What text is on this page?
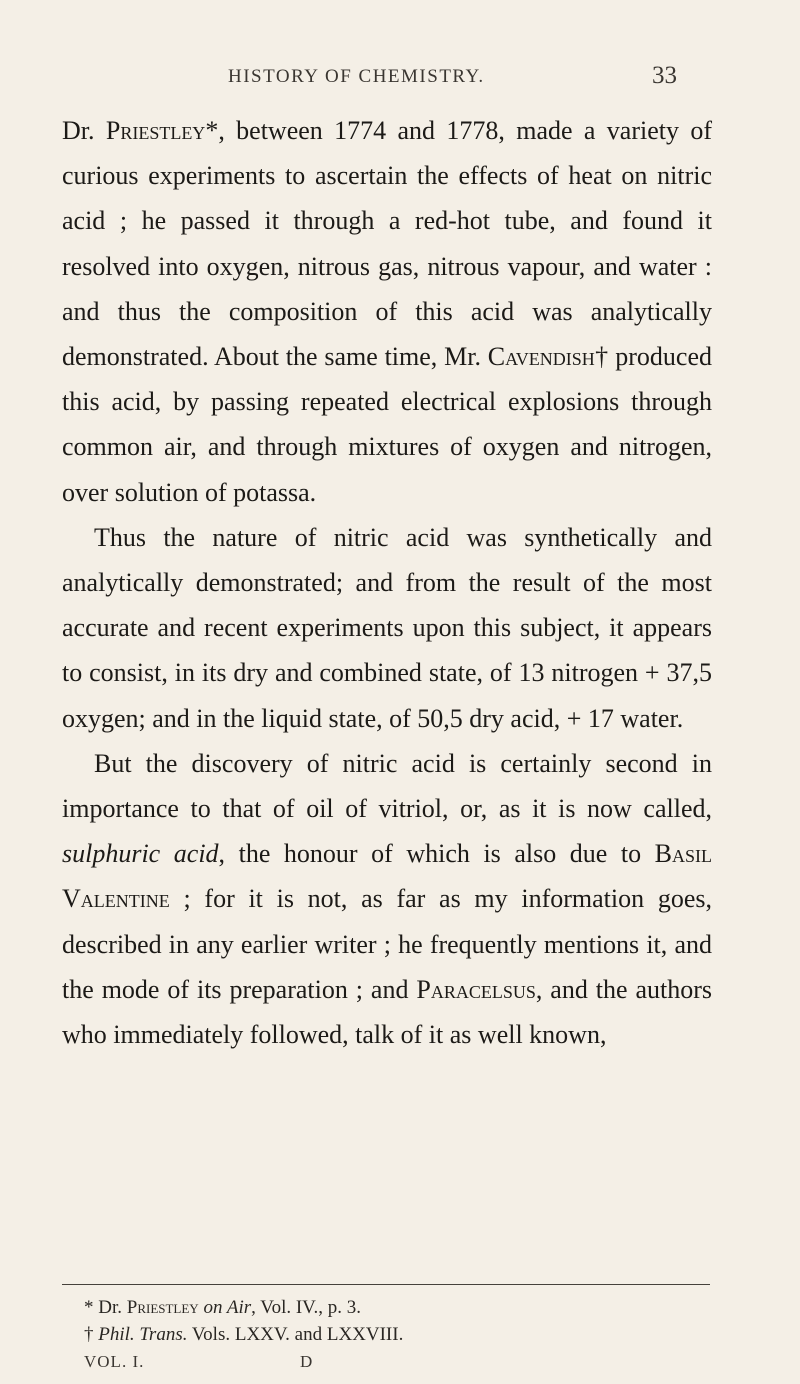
HISTORY OF CHEMISTRY.	33

Dr. Priestley*, between 1774 and 1778, made a variety of curious experiments to ascertain the effects of heat on nitric acid ; he passed it through a red-hot tube, and found it resolved into oxygen, nitrous gas, nitrous vapour, and water : and thus the composition of this acid was analytically demonstrated. About the same time, Mr. Cavendish† produced this acid, by passing repeated electrical explosions through common air, and through mixtures of oxygen and nitrogen, over solution of potassa.

Thus the nature of nitric acid was synthetically and analytically demonstrated; and from the result of the most accurate and recent experiments upon this subject, it appears to consist, in its dry and combined state, of 13 nitrogen + 37,5 oxygen; and in the liquid state, of 50,5 dry acid, + 17 water.

But the discovery of nitric acid is certainly second in importance to that of oil of vitriol, or, as it is now called, sulphuric acid, the honour of which is also due to Basil Valentine ; for it is not, as far as my information goes, described in any earlier writer ; he frequently mentions it, and the mode of its preparation ; and Paracelsus, and the authors who immediately followed, talk of it as well known,

* Dr. Priestley on Air, Vol. IV., p. 3.

† Phil. Trans. Vols. LXXV. and LXXVIII.

VOL. I.	D
